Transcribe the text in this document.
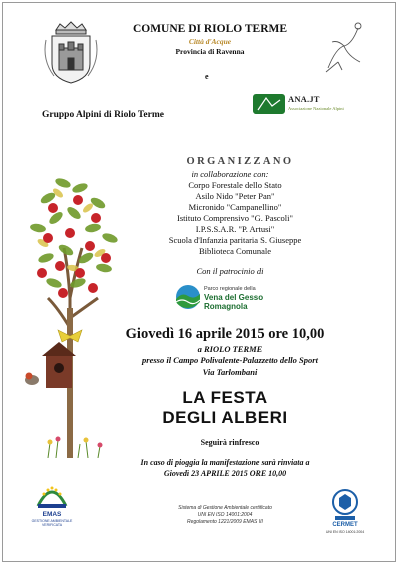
COMUNE DI RIOLO TERME
Città d'Acque
Provincia di Ravenna
e
Gruppo Alpini di Riolo Terme
ANA.JT
Associazione Nazionale Alpini
ORGANIZZANO
in collaborazione con:
Corpo Forestale dello Stato
Asilo Nido "Peter Pan"
Micronido "Campanellino"
Istituto Comprensivo "G. Pascoli"
I.P.S.S.A.R. "P. Artusi"
Scuola d'Infanzia paritaria S. Giuseppe
Biblioteca Comunale
Con il patrocinio di
Parco regionale della
Vena del Gesso
Romagnola
Giovedì 16 aprile 2015 ore 10,00
a RIOLO TERME
presso il Campo Polivalente-Palazzetto dello Sport
Via Tarlombani
LA FESTA
DEGLI ALBERI
Seguirà rinfresco
In caso di pioggia la manifestazione sarà rinviata a
Giovedì 23 APRILE 2015 ORE 10,00
EMAS
GESTIONE AMBIENTALE VERIFICATA
Sistema di Gestione Ambientale certificato
UNI EN ISO 14001:2004
Regolamento 1221/2009 EMAS III	CERMET
UNI EN ISO 14001:2004
